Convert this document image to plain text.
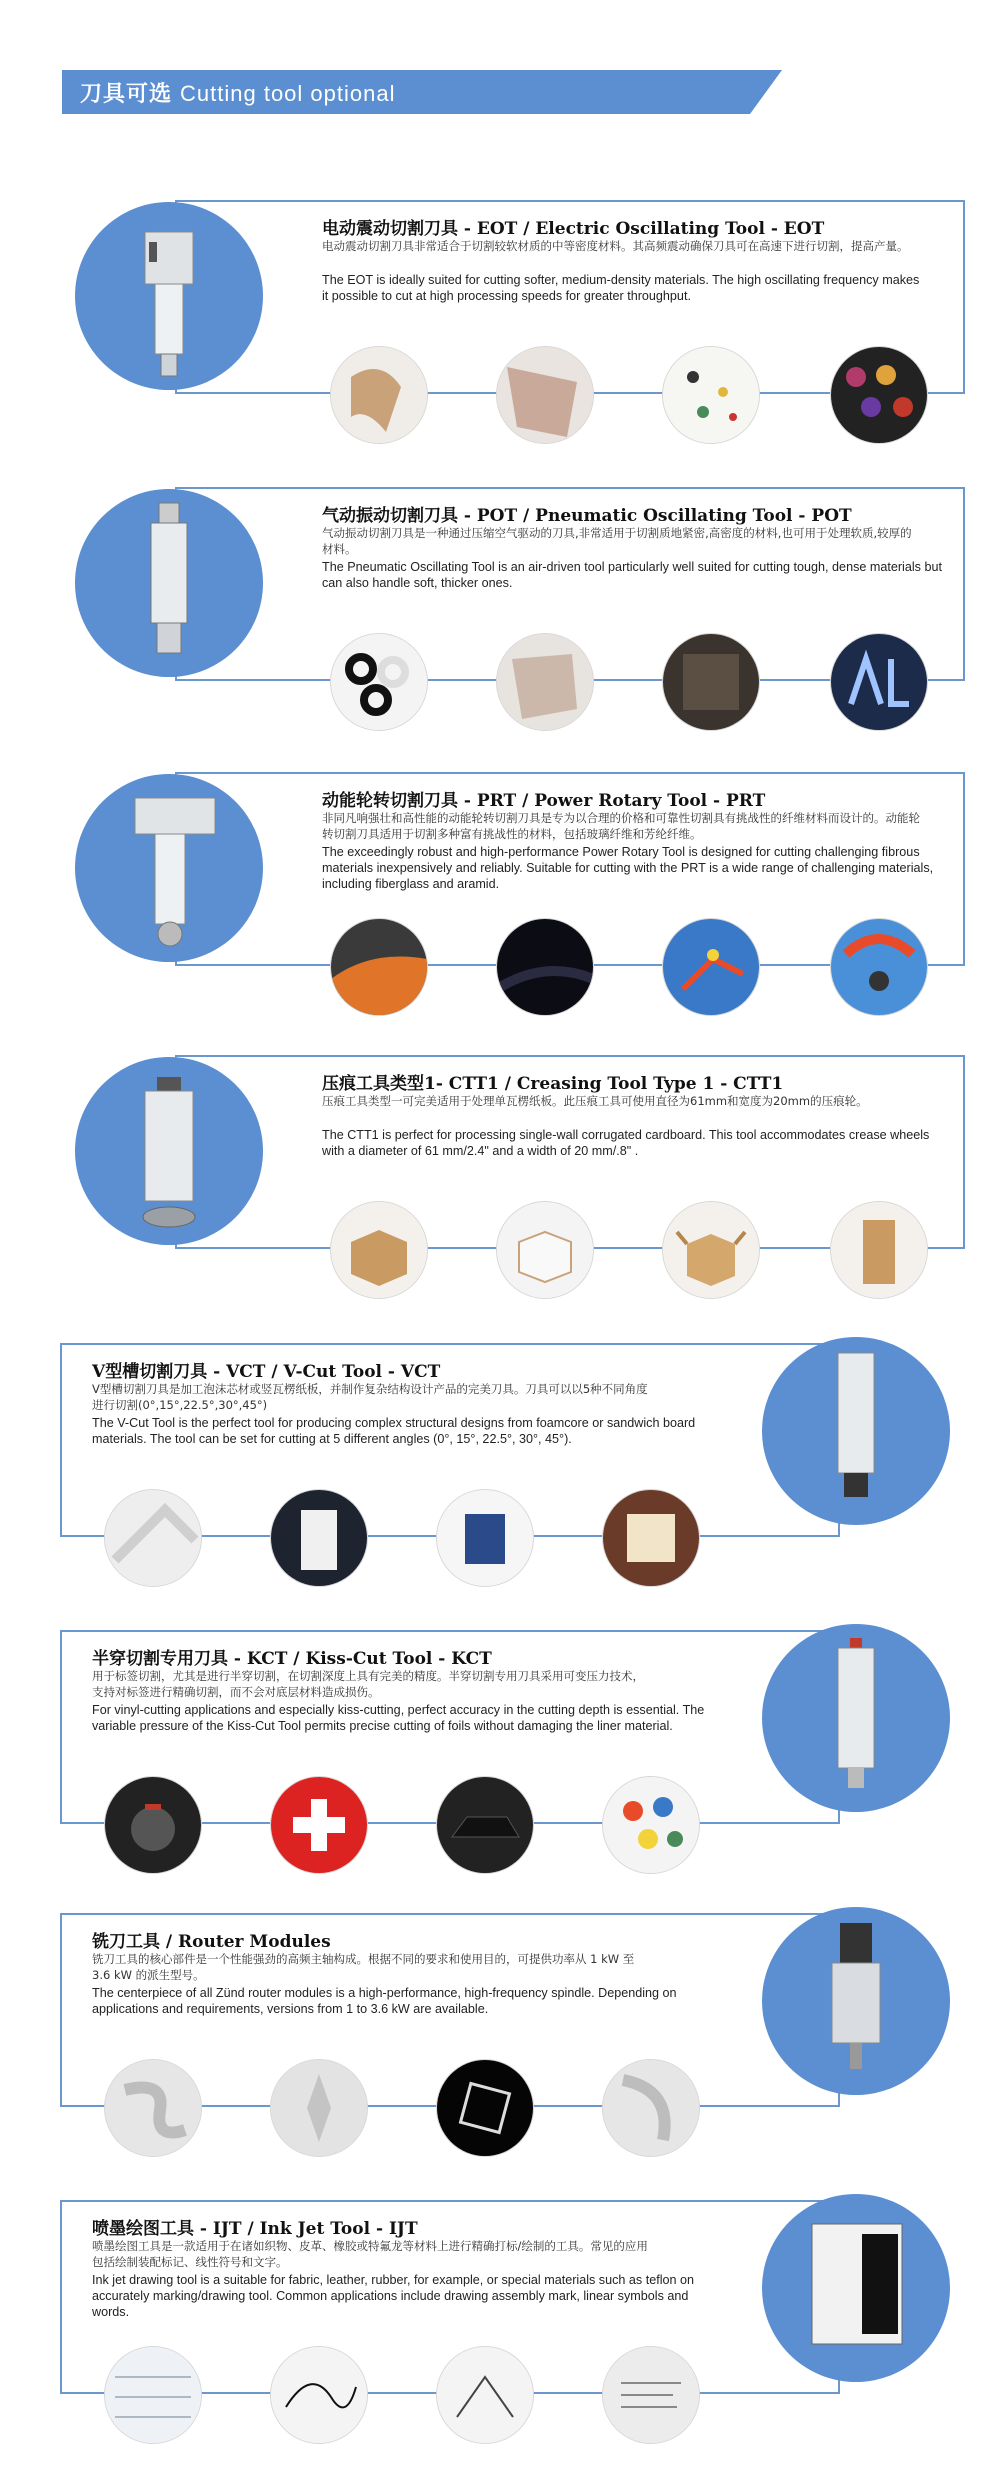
刀具可选 Cutting tool optional
电动震动切割刀具 - EOT / Electric Oscillating Tool - EOT
电动震动切割刀具非常适合于切割较软材质的中等密度材料。其高频震动确保刀具可在高速下进行切割，提高产量。
The EOT is ideally suited for cutting softer, medium-density materials. The high oscillating frequency makes it possible to cut at high processing speeds for greater throughput.
气动振动切割刀具 - POT / Pneumatic Oscillating Tool - POT
气动振动切割刀具是一种通过压缩空气驱动的刀具,非常适用于切割质地紧密,高密度的材料,也可用于处理软质,较厚的材料。
The Pneumatic Oscillating Tool is an air-driven tool particularly well suited for cutting tough, dense materials but can also handle soft, thicker ones.
动能轮转切割刀具 - PRT / Power Rotary Tool - PRT
非同凡响强壮和高性能的动能轮转切割刀具是专为以合理的价格和可靠性切割具有挑战性的纤维材料而设计的。动能轮转切割刀具适用于切割多种富有挑战性的材料，包括玻璃纤维和芳纶纤维。
The exceedingly robust and high-performance Power Rotary Tool is designed for cutting challenging fibrous materials inexpensively and reliably. Suitable for cutting with the PRT is a wide range of challenging materials, including fiberglass and aramid.
压痕工具类型1- CTT1 / Creasing Tool Type 1 - CTT1
压痕工具类型一可完美适用于处理单瓦楞纸板。此压痕工具可使用直径为61mm和宽度为20mm的压痕轮。
The CTT1 is perfect for processing single-wall corrugated cardboard. This tool accommodates crease wheels with a diameter of 61 mm/2.4" and a width of 20 mm/.8" .
V型槽切割刀具 - VCT / V-Cut Tool - VCT
V型槽切割刀具是加工泡沫芯材或竖瓦楞纸板，并制作复杂结构设计产品的完美刀具。刀具可以以5种不同角度进行切割(0°,15°,22.5°,30°,45°)
The V-Cut Tool is the perfect tool for producing complex structural designs from foamcore or sandwich board materials. The tool can be set for cutting at 5 different angles (0°, 15°, 22.5°, 30°, 45°).
半穿切割专用刀具 - KCT / Kiss-Cut Tool - KCT
用于标签切割，尤其是进行半穿切割，在切割深度上具有完美的精度。半穿切割专用刀具采用可变压力技术，支持对标签进行精确切割，而不会对底层材料造成损伤。
For vinyl-cutting applications and especially kiss-cutting, perfect accuracy in the cutting depth is essential. The variable pressure of the Kiss-Cut Tool permits precise cutting of foils without damaging the liner material.
铣刀工具 / Router Modules
铣刀工具的核心部件是一个性能强劲的高频主轴构成。根据不同的要求和使用目的，可提供功率从 1 kW 至 3.6 kW 的派生型号。
The centerpiece of all Zünd router modules is a high-performance, high-frequency spindle. Depending on applications and requirements, versions from 1 to 3.6 kW are available.
喷墨绘图工具 - IJT / Ink Jet Tool - IJT
喷墨绘图工具是一款适用于在诸如织物、皮革、橡胶或特氟龙等材料上进行精确打标/绘制的工具。常见的应用包括绘制装配标记、线性符号和文字。
Ink jet drawing tool is a suitable for fabric, leather, rubber, for example, or special materials such as teflon on accurately marking/drawing tool. Common applications include drawing assembly mark, linear symbols and words.
